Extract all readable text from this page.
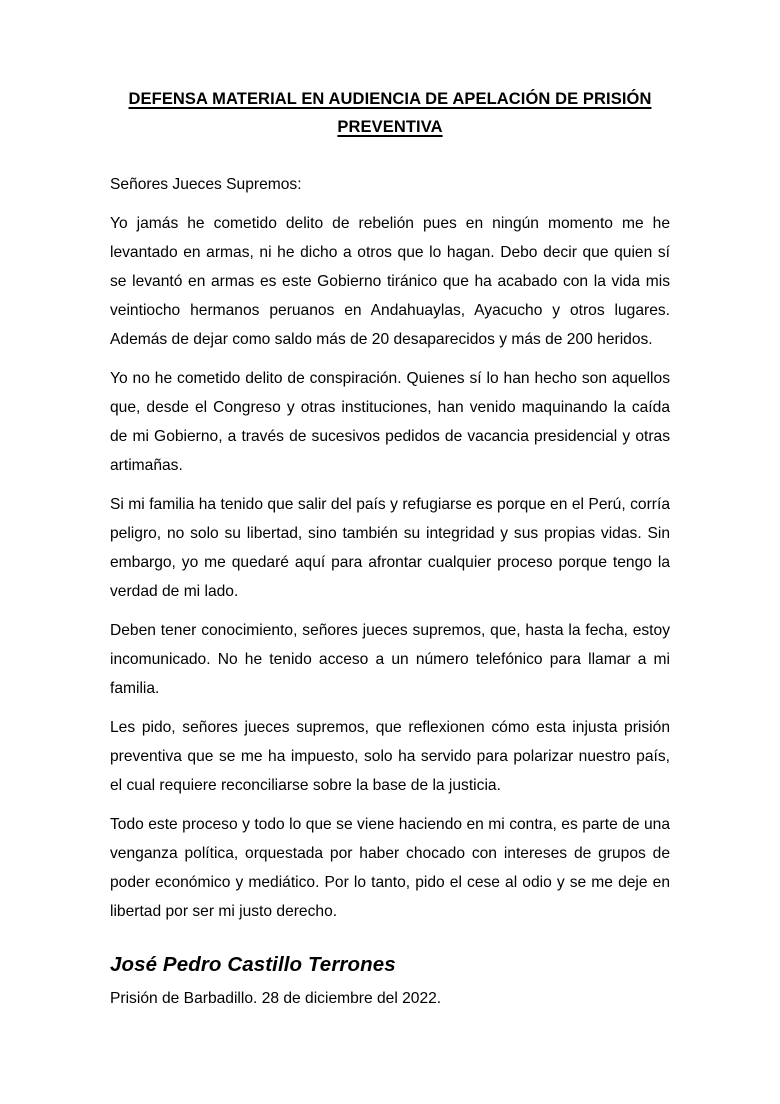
DEFENSA MATERIAL EN AUDIENCIA DE APELACIÓN DE PRISIÓN
PREVENTIVA

Señores Jueces Supremos:

Yo jamás he cometido delito de rebelión pues en ningún momento me he levantado en armas, ni he dicho a otros que lo hagan. Debo decir que quien sí se levantó en armas es este Gobierno tiránico que ha acabado con la vida mis veintiocho hermanos peruanos en Andahuaylas, Ayacucho y otros lugares. Además de dejar como saldo más de 20 desaparecidos y más de 200 heridos.

Yo no he cometido delito de conspiración. Quienes sí lo han hecho son aquellos que, desde el Congreso y otras instituciones, han venido maquinando la caída de mi Gobierno, a través de sucesivos pedidos de vacancia presidencial y otras artimañas.

Si mi familia ha tenido que salir del país y refugiarse es porque en el Perú, corría peligro, no solo su libertad, sino también su integridad y sus propias vidas. Sin embargo, yo me quedaré aquí para afrontar cualquier proceso porque tengo la verdad de mi lado.

Deben tener conocimiento, señores jueces supremos, que, hasta la fecha, estoy incomunicado. No he tenido acceso a un número telefónico para llamar a mi familia.

Les pido, señores jueces supremos, que reflexionen cómo esta injusta prisión preventiva que se me ha impuesto, solo ha servido para polarizar nuestro país, el cual requiere reconciliarse sobre la base de la justicia.

Todo este proceso y todo lo que se viene haciendo en mi contra, es parte de una venganza política, orquestada por haber chocado con intereses de grupos de poder económico y mediático. Por lo tanto, pido el cese al odio y se me deje en libertad por ser mi justo derecho.

José Pedro Castillo Terrones
Prisión de Barbadillo. 28 de diciembre del 2022.
